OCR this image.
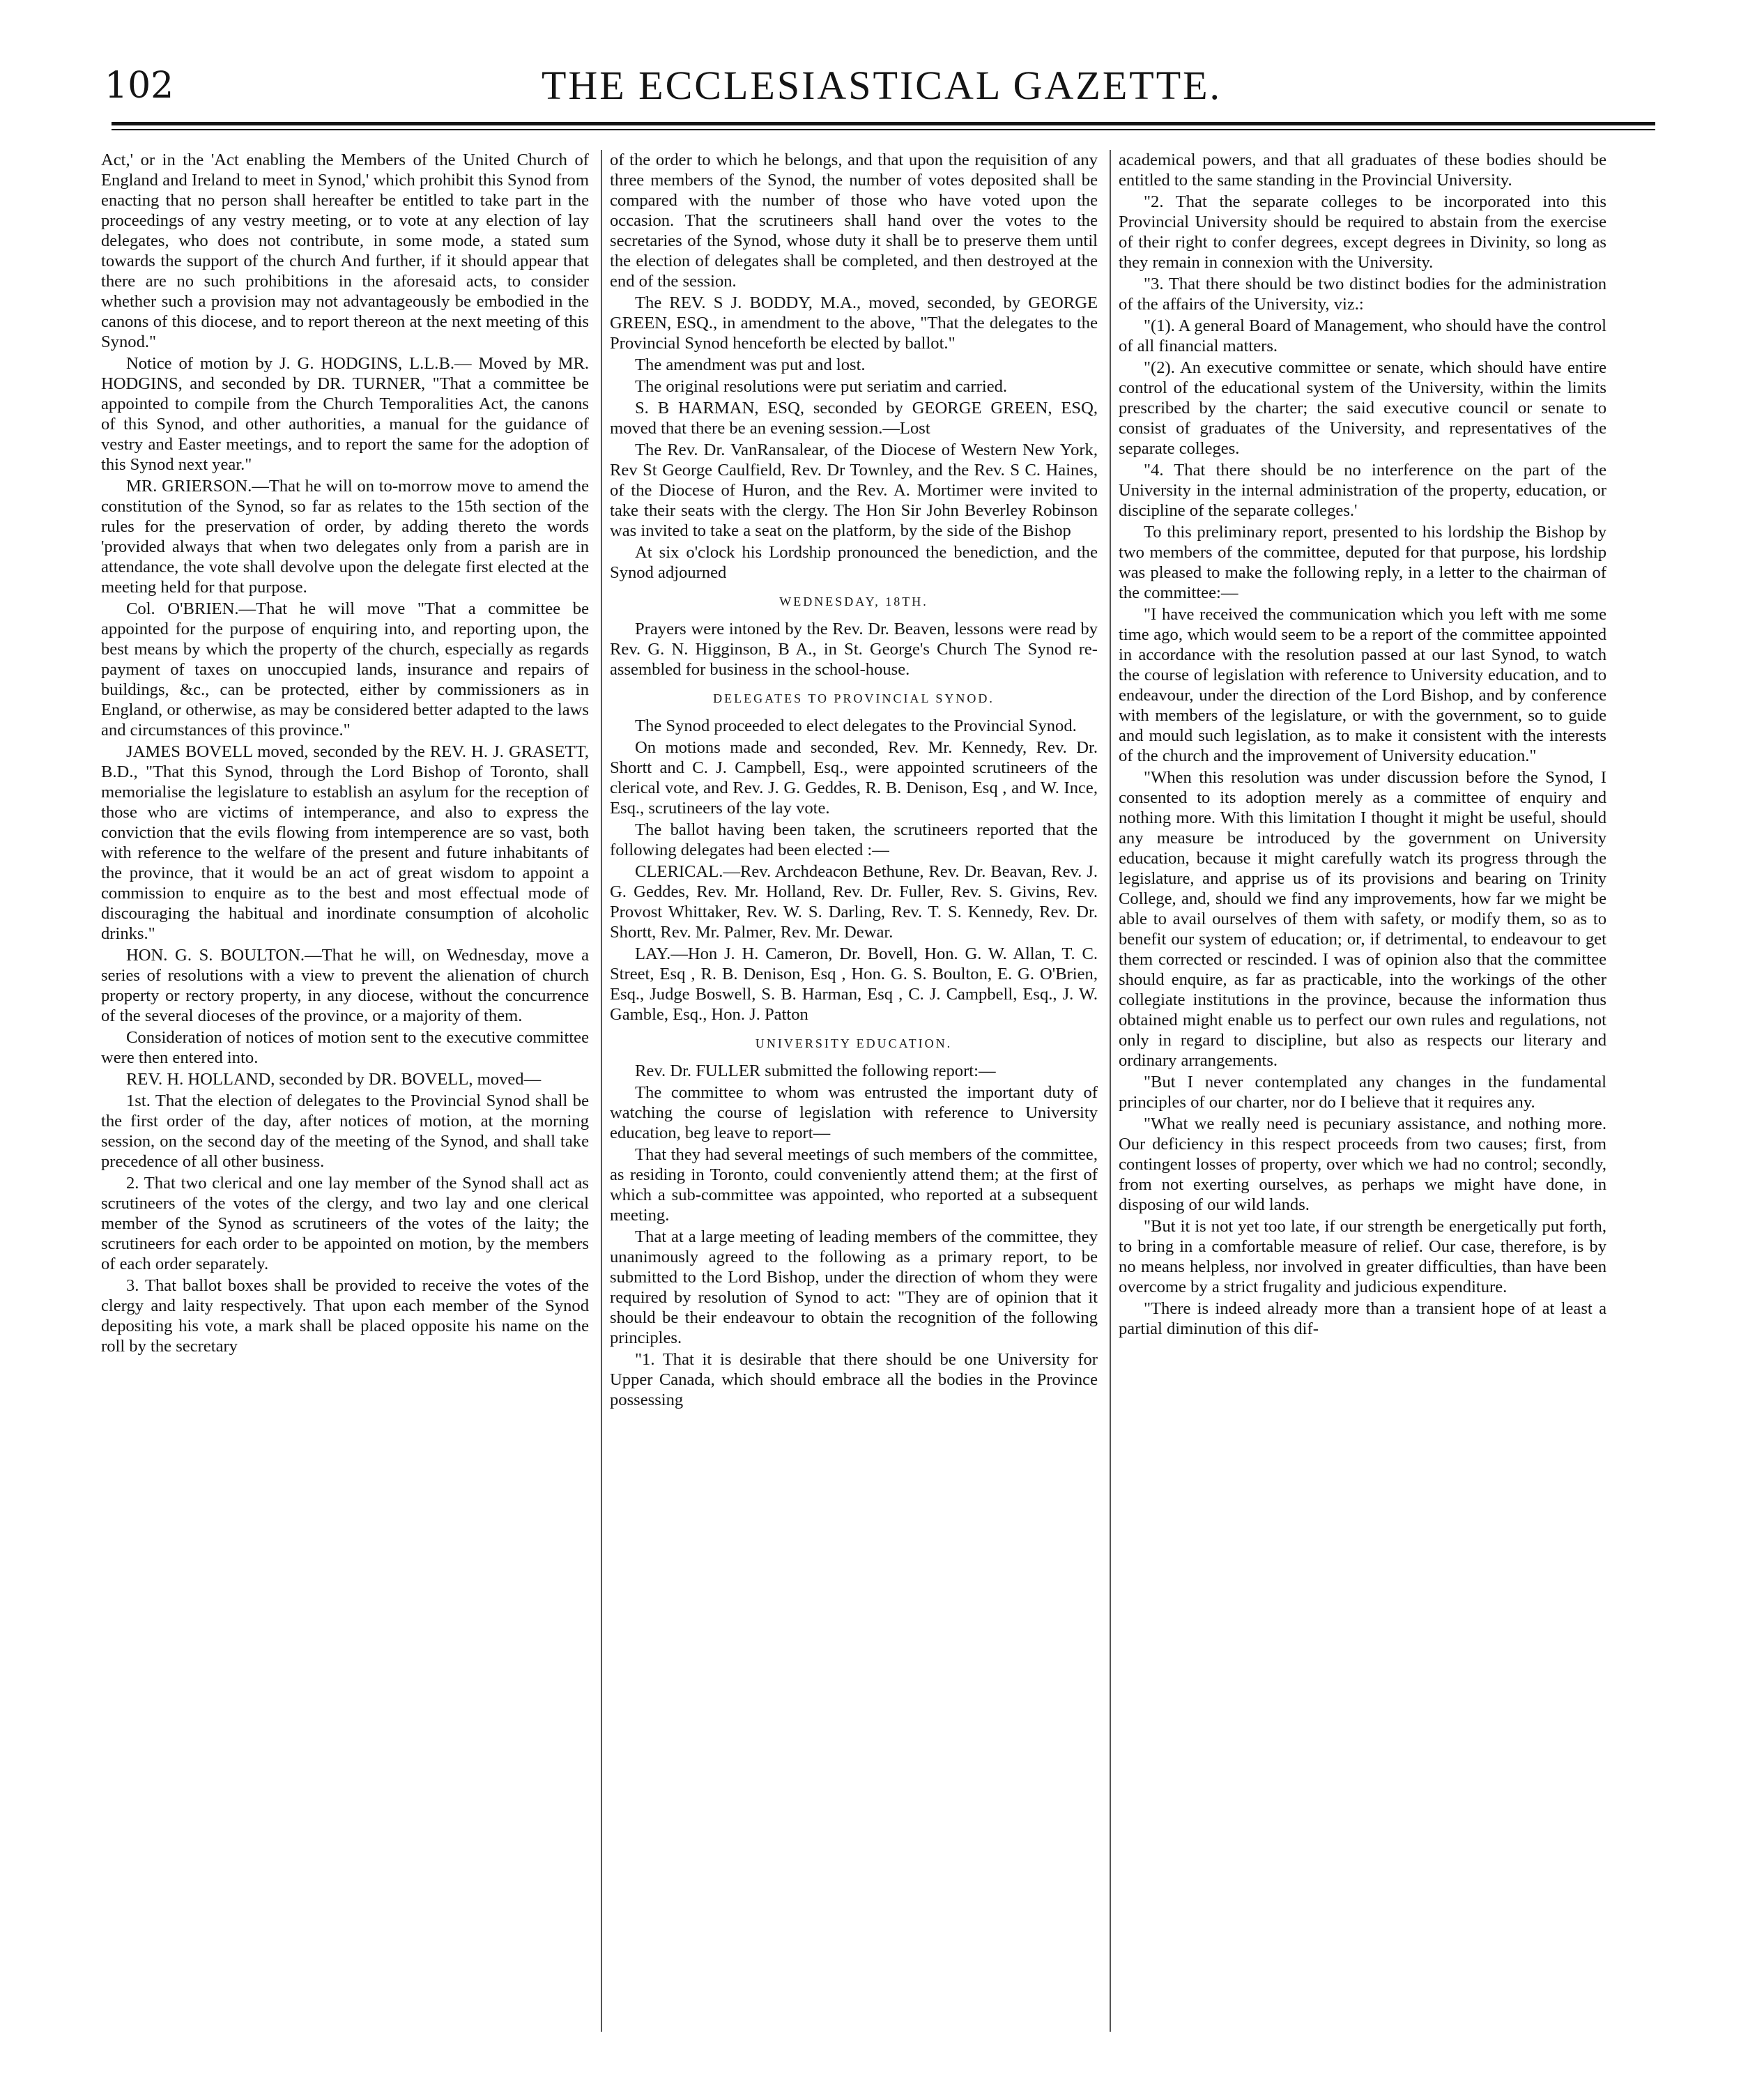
102	THE ECCLESIASTICAL GAZETTE.

Act,' or in the 'Act enabling the Members of the United Church of England and Ireland to meet in Synod,' which prohibit this Synod from enacting that no person shall hereafter be entitled to take part in the proceedings of any vestry meeting, or to vote at any election of lay delegates, who does not contribute, in some mode, a stated sum towards the support of the church And further, if it should appear that there are no such prohibitions in the aforesaid acts, to consider whether such a provision may not advantageously be embodied in the canons of this diocese, and to report thereon at the next meeting of this Synod."

Notice of motion by J. G. HODGINS, L.L.B.— Moved by MR. HODGINS, and seconded by DR. TURNER, "That a committee be appointed to compile from the Church Temporalities Act, the canons of this Synod, and other authorities, a manual for the guidance of vestry and Easter meetings, and to report the same for the adoption of this Synod next year."

MR. GRIERSON.—That he will on to-morrow move to amend the constitution of the Synod, so far as relates to the 15th section of the rules for the preservation of order, by adding thereto the words 'provided always that when two delegates only from a parish are in attendance, the vote shall devolve upon the delegate first elected at the meeting held for that purpose.

Col. O'BRIEN.—That he will move "That a committee be appointed for the purpose of enquiring into, and reporting upon, the best means by which the property of the church, especially as regards payment of taxes on unoccupied lands, insurance and repairs of buildings, &c., can be protected, either by commissioners as in England, or otherwise, as may be considered better adapted to the laws and circumstances of this province."

JAMES BOVELL moved, seconded by the REV. H. J. GRASETT, B.D., "That this Synod, through the Lord Bishop of Toronto, shall memorialise the legislature to establish an asylum for the reception of those who are victims of intemperance, and also to express the conviction that the evils flowing from intemperence are so vast, both with reference to the welfare of the present and future inhabitants of the province, that it would be an act of great wisdom to appoint a commission to enquire as to the best and most effectual mode of discouraging the habitual and inordinate consumption of alcoholic drinks."

HON. G. S. BOULTON.—That he will, on Wednesday, move a series of resolutions with a view to prevent the alienation of church property or rectory property, in any diocese, without the concurrence of the several dioceses of the province, or a majority of them.

Consideration of notices of motion sent to the executive committee were then entered into.

REV. H. HOLLAND, seconded by DR. BOVELL, moved—

1st. That the election of delegates to the Provincial Synod shall be the first order of the day, after notices of motion, at the morning session, on the second day of the meeting of the Synod, and shall take precedence of all other business.

2. That two clerical and one lay member of the Synod shall act as scrutineers of the votes of the clergy, and two lay and one clerical member of the Synod as scrutineers of the votes of the laity; the scrutineers for each order to be appointed on motion, by the members of each order separately.

3. That ballot boxes shall be provided to receive the votes of the clergy and laity respectively. That upon each member of the Synod depositing his vote, a mark shall be placed opposite his name on the roll by the secretary

of the order to which he belongs, and that upon the requisition of any three members of the Synod, the number of votes deposited shall be compared with the number of those who have voted upon the occasion. That the scrutineers shall hand over the votes to the secretaries of the Synod, whose duty it shall be to preserve them until the election of delegates shall be completed, and then destroyed at the end of the session.

The REV. S J. BODDY, M.A., moved, seconded, by GEORGE GREEN, ESQ., in amendment to the above, "That the delegates to the Provincial Synod henceforth be elected by ballot."

The amendment was put and lost.

The original resolutions were put seriatim and carried.

S. B HARMAN, ESQ, seconded by GEORGE GREEN, ESQ, moved that there be an evening session.—Lost

The Rev. Dr. VanRansalear, of the Diocese of Western New York, Rev St George Caulfield, Rev. Dr Townley, and the Rev. S C. Haines, of the Diocese of Huron, and the Rev. A. Mortimer were invited to take their seats with the clergy. The Hon Sir John Beverley Robinson was invited to take a seat on the platform, by the side of the Bishop

At six o'clock his Lordship pronounced the benediction, and the Synod adjourned

WEDNESDAY, 18TH.

Prayers were intoned by the Rev. Dr. Beaven, lessons were read by Rev. G. N. Higginson, B A., in St. George's Church The Synod re-assembled for business in the school-house.

DELEGATES TO PROVINCIAL SYNOD.

The Synod proceeded to elect delegates to the Provincial Synod.

On motions made and seconded, Rev. Mr. Kennedy, Rev. Dr. Shortt and C. J. Campbell, Esq., were appointed scrutineers of the clerical vote, and Rev. J. G. Geddes, R. B. Denison, Esq , and W. Ince, Esq., scrutineers of the lay vote.

The ballot having been taken, the scrutineers reported that the following delegates had been elected :—

CLERICAL.—Rev. Archdeacon Bethune, Rev. Dr. Beavan, Rev. J. G. Geddes, Rev. Mr. Holland, Rev. Dr. Fuller, Rev. S. Givins, Rev. Provost Whittaker, Rev. W. S. Darling, Rev. T. S. Kennedy, Rev. Dr. Shortt, Rev. Mr. Palmer, Rev. Mr. Dewar.

LAY.—Hon J. H. Cameron, Dr. Bovell, Hon. G. W. Allan, T. C. Street, Esq , R. B. Denison, Esq , Hon. G. S. Boulton, E. G. O'Brien, Esq., Judge Boswell, S. B. Harman, Esq , C. J. Campbell, Esq., J. W. Gamble, Esq., Hon. J. Patton

UNIVERSITY EDUCATION.

Rev. Dr. FULLER submitted the following report:—

The committee to whom was entrusted the important duty of watching the course of legislation with reference to University education, beg leave to report—

That they had several meetings of such members of the committee, as residing in Toronto, could conveniently attend them; at the first of which a sub-committee was appointed, who reported at a subsequent meeting.

That at a large meeting of leading members of the committee, they unanimously agreed to the following as a primary report, to be submitted to the Lord Bishop, under the direction of whom they were required by resolution of Synod to act: "They are of opinion that it should be their endeavour to obtain the recognition of the following principles.

"1. That it is desirable that there should be one University for Upper Canada, which should embrace all the bodies in the Province possessing

academical powers, and that all graduates of these bodies should be entitled to the same standing in the Provincial University.

"2. That the separate colleges to be incorporated into this Provincial University should be required to abstain from the exercise of their right to confer degrees, except degrees in Divinity, so long as they remain in connexion with the University.

"3. That there should be two distinct bodies for the administration of the affairs of the University, viz.:

"(1). A general Board of Management, who should have the control of all financial matters.

"(2). An executive committee or senate, which should have entire control of the educational system of the University, within the limits prescribed by the charter; the said executive council or senate to consist of graduates of the University, and representatives of the separate colleges.

"4. That there should be no interference on the part of the University in the internal administration of the property, education, or discipline of the separate colleges.'

To this preliminary report, presented to his lordship the Bishop by two members of the committee, deputed for that purpose, his lordship was pleased to make the following reply, in a letter to the chairman of the committee:—

"I have received the communication which you left with me some time ago, which would seem to be a report of the committee appointed in accordance with the resolution passed at our last Synod, to watch the course of legislation with reference to University education, and to endeavour, under the direction of the Lord Bishop, and by conference with members of the legislature, or with the government, so to guide and mould such legislation, as to make it consistent with the interests of the church and the improvement of University education."

"When this resolution was under discussion before the Synod, I consented to its adoption merely as a committee of enquiry and nothing more. With this limitation I thought it might be useful, should any measure be introduced by the government on University education, because it might carefully watch its progress through the legislature, and apprise us of its provisions and bearing on Trinity College, and, should we find any improvements, how far we might be able to avail ourselves of them with safety, or modify them, so as to benefit our system of education; or, if detrimental, to endeavour to get them corrected or rescinded. I was of opinion also that the committee should enquire, as far as practicable, into the workings of the other collegiate institutions in the province, because the information thus obtained might enable us to perfect our own rules and regulations, not only in regard to discipline, but also as respects our literary and ordinary arrangements.

"But I never contemplated any changes in the fundamental principles of our charter, nor do I believe that it requires any.

"What we really need is pecuniary assistance, and nothing more. Our deficiency in this respect proceeds from two causes; first, from contingent losses of property, over which we had no control; secondly, from not exerting ourselves, as perhaps we might have done, in disposing of our wild lands.

"But it is not yet too late, if our strength be energetically put forth, to bring in a comfortable measure of relief. Our case, therefore, is by no means helpless, nor involved in greater difficulties, than have been overcome by a strict frugality and judicious expenditure.

"There is indeed already more than a transient hope of at least a partial diminution of this dif-
